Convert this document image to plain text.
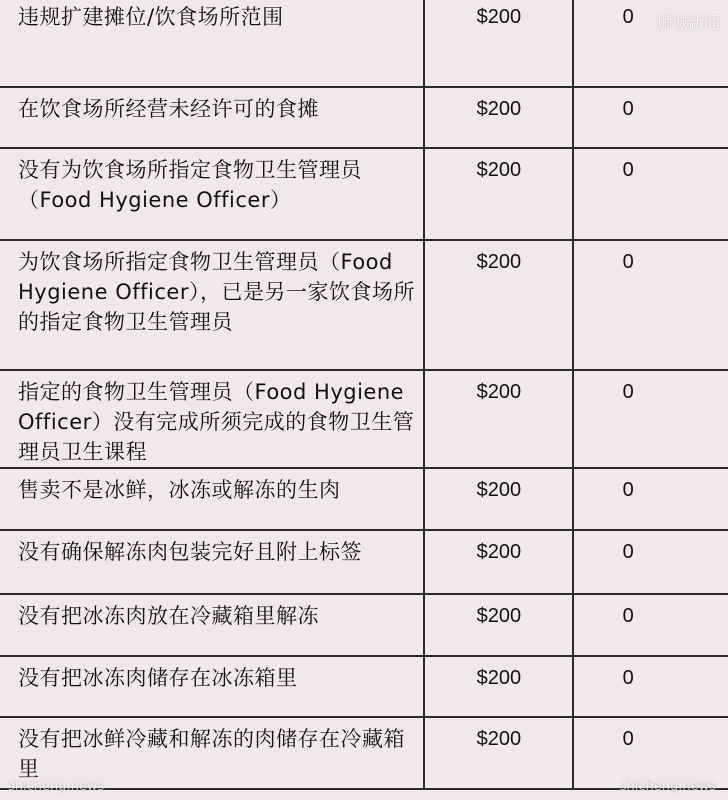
违规扩建摊位/饮食场所范围	$200	0
在饮食场所经营未经许可的食摊	$200	0
没有为饮食场所指定食物卫生管理员（Food Hygiene Officer）	$200	0
为饮食场所指定食物卫生管理员（Food Hygiene Officer），已是另一家饮食场所的指定食物卫生管理员	$200	0
指定的食物卫生管理员（Food Hygiene Officer）没有完成所须完成的食物卫生管理员卫生课程	$200	0
售卖不是冰鲜，冰冻或解冻的生肉	$200	0
没有确保解冻肉包装完好且附上标签	$200	0
没有把冰冻肉放在冷藏箱里解冻	$200	0
没有把冰冻肉储存在冰冻箱里	$200	0
没有把冰鲜冷藏和解冻的肉储存在冷藏箱里	$200	0
狮城新闻
shicheng.news	shicheng.news
